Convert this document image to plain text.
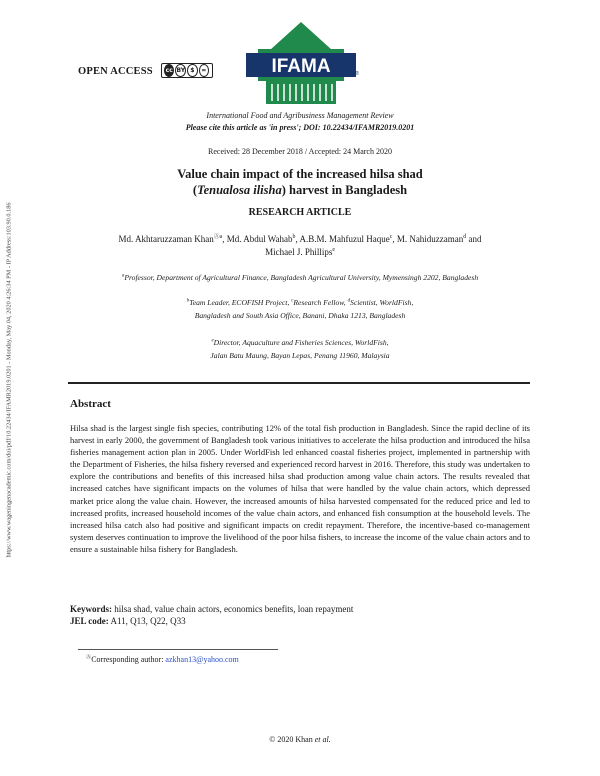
https://www.wageningenacademic.com/doi/pdf/10.22434/IFAMR2019.0201 - Monday, May 04, 2020 4:26:34 PM - IP Address:103.90.0.186
OPEN ACCESS cc BY $	=	IFAMA	®
International Food and Agribusiness Management Review
Please cite this article as 'in press'; DOI: 10.22434/IFAMR2019.0201
Received: 28 December 2018 / Accepted: 24 March 2020
Value chain impact of the increased hilsa shad
(Tenualosa ilisha) harvest in Bangladesh
RESEARCH ARTICLE
Md. Akhtaruzzaman Khan$^{Ⓐa}$, Md. Abdul Wahab$^b$, A.B.M. Mahfuzul Haque$^c$, M. Nahiduzzaman$^d$ and
Michael J. Phillips$^e$
$^a$Professor, Department of Agricultural Finance, Bangladesh Agricultural University, Mymensingh 2202, Bangladesh
$^b$Team Leader, ECOFISH Project, $^c$Research Fellow, $^d$Scientist, WorldFish,
Bangladesh and South Asia Office, Banani, Dhaka 1213, Bangladesh
$^e$Director, Aquaculture and Fisheries Sciences, WorldFish,
Jalan Batu Maung, Bayan Lepas, Penang 11960, Malaysia
Abstract
Hilsa shad is the largest single fish species, contributing 12% of the total fish production in Bangladesh. Since the rapid decline of its harvest in early 2000, the government of Bangladesh took various initiatives to accelerate the hilsa production and introduced the hilsa fisheries management action plan in 2005. Under WorldFish led enhanced coastal fisheries project, implemented in partnership with the Department of Fisheries, the hilsa fishery reversed and experienced record harvest in 2016. Therefore, this study was undertaken to explore the contributions and benefits of this increased hilsa shad production among value chain actors. The results revealed that increased catches have significant impacts on the volumes of hilsa that were handled by the value chain actors, which depressed market price along the value chain. However, the increased amounts of hilsa harvested compensated for the reduced price and led to increased profits, increased household incomes of the value chain actors, and enhanced fish consumption at the household levels. The increased hilsa catch also had positive and significant impacts on credit repayment. Therefore, the incentive-based co-management system deserves continuation to improve the livelihood of the poor hilsa fishers, to increase the income of the value chain actors and to ensure a sustainable hilsa fishery for Bangladesh.
Keywords: hilsa shad, value chain actors, economics benefits, loan repayment
JEL code: A11, Q13, Q22, Q33
ⒶCorresponding author: azkhan13@yahoo.com
© 2020 Khan et al.
